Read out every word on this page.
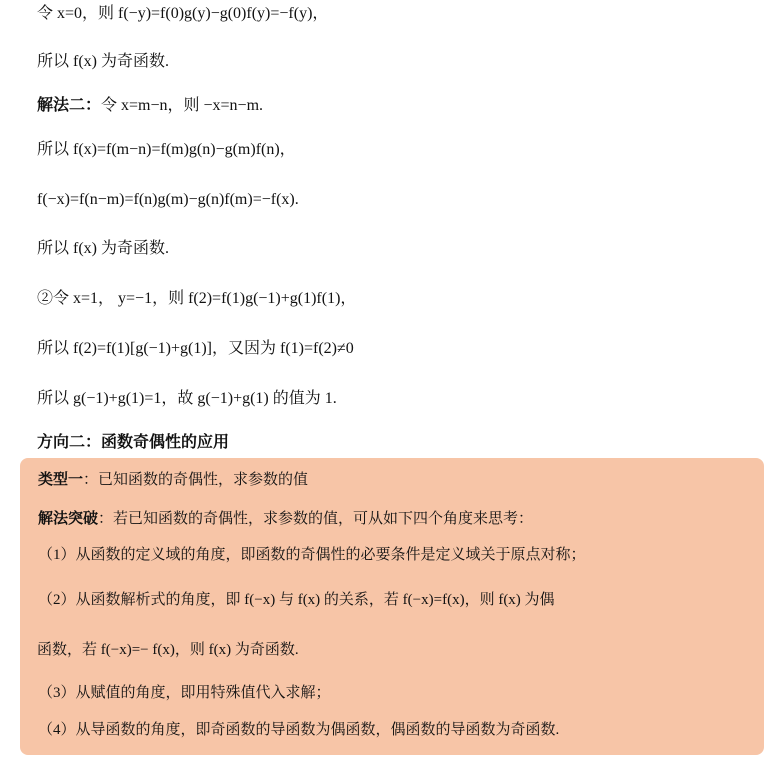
令 x=0，则 f(−y)=f(0)g(y)−g(0)f(y)=−f(y)，
所以 f(x) 为奇函数.
解法二：令 x=m−n，则 −x=n−m.
所以 f(x)=f(m−n)=f(m)g(n)−g(m)f(n)，
f(−x)=f(n−m)=f(n)g(m)−g(n)f(m)=−f(x).
所以 f(x) 为奇函数.
②令 x=1， y=−1，则 f(2)=f(1)g(−1)+g(1)f(1)，
所以 f(2)=f(1)[g(−1)+g(1)]，又因为 f(1)=f(2)≠0
所以 g(−1)+g(1)=1，故 g(−1)+g(1) 的值为 1.
方向二：函数奇偶性的应用
类型一：已知函数的奇偶性，求参数的值
解法突破：若已知函数的奇偶性，求参数的值，可从如下四个角度来思考：
（1）从函数的定义域的角度，即函数的奇偶性的必要条件是定义域关于原点对称；
（2）从函数解析式的角度，即 f(−x) 与 f(x) 的关系，若 f(−x)=f(x)，则 f(x) 为偶
函数，若 f(−x)=− f(x)，则 f(x) 为奇函数.
（3）从赋值的角度，即用特殊值代入求解；
（4）从导函数的角度，即奇函数的导函数为偶函数，偶函数的导函数为奇函数.
